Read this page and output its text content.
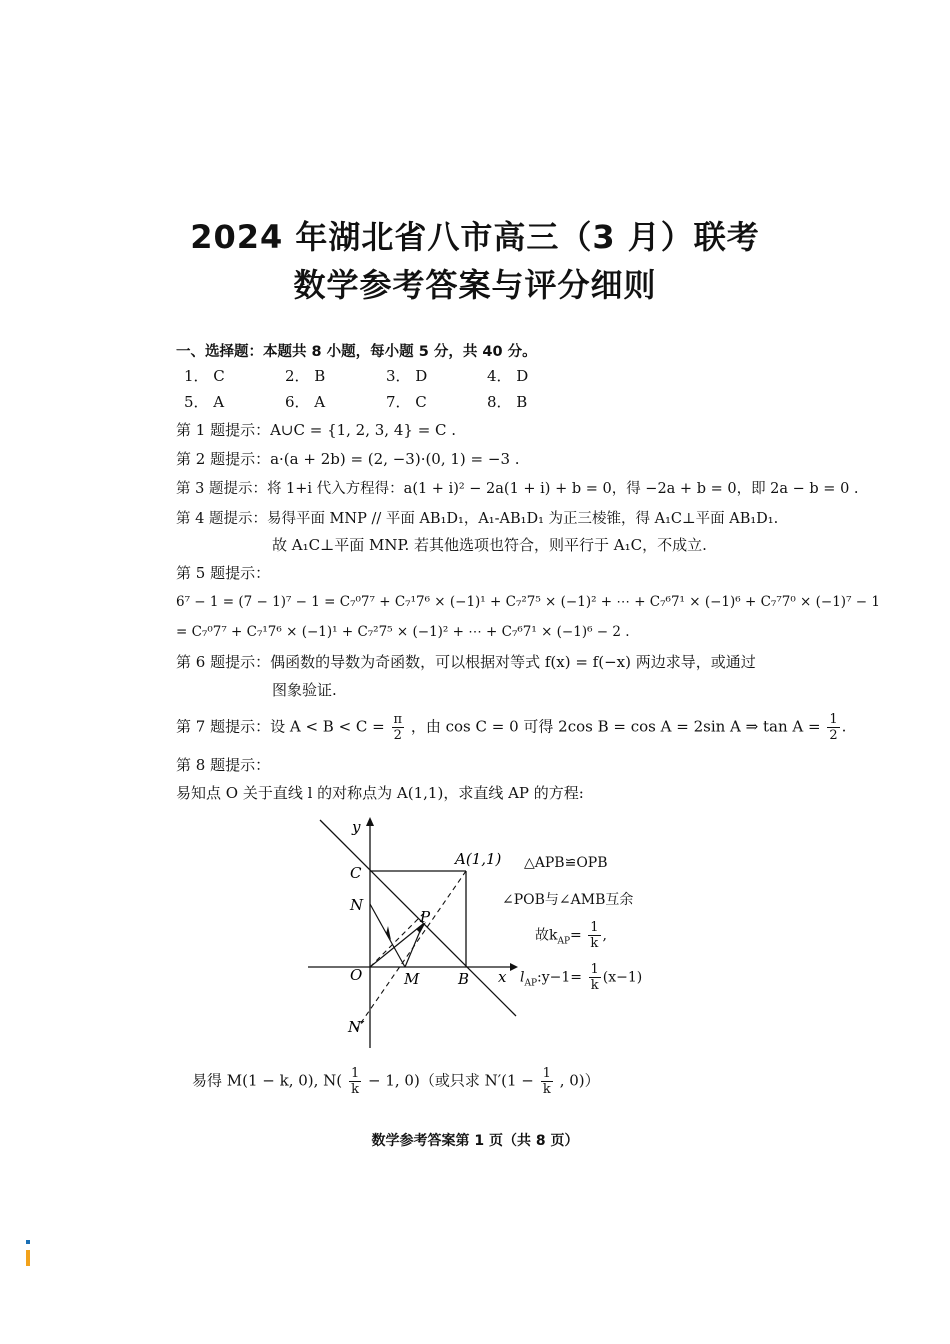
2024 年湖北省八市高三（3 月）联考
数学参考答案与评分细则
一、选择题：本题共 8 小题，每小题 5 分，共 40 分。
1． C	2． B	3． D	4． D
5． A	6． A	7． C	8． B
第 1 题提示：A∪C = {1, 2, 3, 4} = C .
第 2 题提示：a·(a + 2b) = (2, −3)·(0, 1) = −3 .
第 3 题提示：将 1+i 代入方程得：a(1 + i)² − 2a(1 + i) + b = 0，得 −2a + b = 0，即 2a − b = 0 .
第 4 题提示：易得平面 MNP // 平面 AB₁D₁，A₁-AB₁D₁ 为正三棱锥，得 A₁C⊥平面 AB₁D₁.
故 A₁C⊥平面 MNP. 若其他选项也符合，则平行于 A₁C，不成立.
第 5 题提示：
6⁷ − 1 = (7 − 1)⁷ − 1 = C₇⁰7⁷ + C₇¹7⁶ × (−1)¹ + C₇²7⁵ × (−1)² + ⋯ + C₇⁶7¹ × (−1)⁶ + C₇⁷7⁰ × (−1)⁷ − 1
= C₇⁰7⁷ + C₇¹7⁶ × (−1)¹ + C₇²7⁵ × (−1)² + ⋯ + C₇⁶7¹ × (−1)⁶ − 2 .
第 6 题提示：偶函数的导数为奇函数，可以根据对等式 f(x) = f(−x) 两边求导，或通过
图象验证.
第 7 题提示：设 $A < B < C = \frac{\pi}{2}$ ，由 cos C = 0 可得 2cos B = cos A = 2sin A ⇒ $\tan A = \frac{1}{2}$ .
第 8 题提示：
易知点 O 关于直线 l 的对称点为 A(1,1)，求直线 AP 的方程:
y
x
A(1,1)
C
N
P
O	M	B
N′
△APB≌OPB
∠POB与∠AMB互余
故$k_{AP}= \frac{1}{k}$ ,
$l_{AP}:y-1= \frac{1}{k} (x-1)$
易得 M(1 − k, 0), $N( \frac{1}{k} - 1$, 0)（或只求 $N'(1 - \frac{1}{k}$ , 0)）
数学参考答案第 1 页（共 8 页）
